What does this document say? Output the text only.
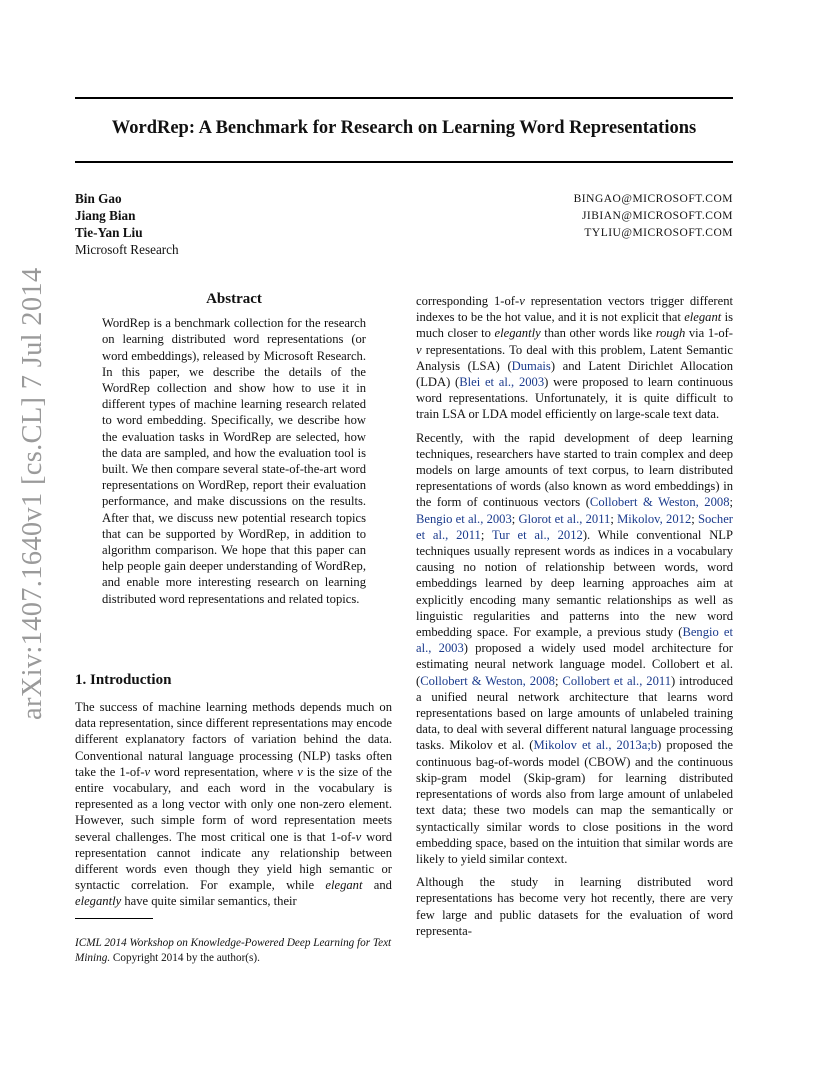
WordRep: A Benchmark for Research on Learning Word Representations
Bin Gao
Jiang Bian
Tie-Yan Liu
Microsoft Research
BINGAO@MICROSOFT.COM
JIBIAN@MICROSOFT.COM
TYLIU@MICROSOFT.COM
arXiv:1407.1640v1 [cs.CL] 7 Jul 2014	Abstract

WordRep is a benchmark collection for the research on learning distributed word representations (or word embeddings), released by Microsoft Research. In this paper, we describe the details of the WordRep collection and show how to use it in different types of machine learning research related to word embedding. Specifically, we describe how the evaluation tasks in WordRep are selected, how the data are sampled, and how the evaluation tool is built. We then compare several state-of-the-art word representations on WordRep, report their evaluation performance, and make discussions on the results. After that, we discuss new potential research topics that can be supported by WordRep, in addition to algorithm comparison. We hope that this paper can help people gain deeper understanding of WordRep, and enable more interesting research on learning distributed word representations and related topics.

1. Introduction

The success of machine learning methods depends much on data representation, since different representations may encode different explanatory factors of variation behind the data. Conventional natural language processing (NLP) tasks often take the 1-of-v word representation, where v is the size of the entire vocabulary, and each word in the vocabulary is represented as a long vector with only one non-zero element. However, such simple form of word representation meets several challenges. The most critical one is that 1-of-v word representation cannot indicate any relationship between different words even though they yield high semantic or syntactic correlation. For example, while elegant and elegantly have quite similar semantics, their

ICML 2014 Workshop on Knowledge-Powered Deep Learning for Text Mining. Copyright 2014 by the author(s).

corresponding 1-of-v representation vectors trigger different indexes to be the hot value, and it is not explicit that elegant is much closer to elegantly than other words like rough via 1-of-v representations. To deal with this problem, Latent Semantic Analysis (LSA) (Dumais) and Latent Dirichlet Allocation (LDA) (Blei et al., 2003) were proposed to learn continuous word representations. Unfortunately, it is quite difficult to train LSA or LDA model efficiently on large-scale text data.

Recently, with the rapid development of deep learning techniques, researchers have started to train complex and deep models on large amounts of text corpus, to learn distributed representations of words (also known as word embeddings) in the form of continuous vectors (Collobert & Weston, 2008; Bengio et al., 2003; Glorot et al., 2011; Mikolov, 2012; Socher et al., 2011; Tur et al., 2012). While conventional NLP techniques usually represent words as indices in a vocabulary causing no notion of relationship between words, word embeddings learned by deep learning approaches aim at explicitly encoding many semantic relationships as well as linguistic regularities and patterns into the new word embedding space. For example, a previous study (Bengio et al., 2003) proposed a widely used model architecture for estimating neural network language model. Collobert et al. (Collobert & Weston, 2008; Collobert et al., 2011) introduced a unified neural network architecture that learns word representations based on large amounts of unlabeled training data, to deal with several different natural language processing tasks. Mikolov et al. (Mikolov et al., 2013a;b) proposed the continuous bag-of-words model (CBOW) and the continuous skip-gram model (Skip-gram) for learning distributed representations of words also from large amount of unlabeled text data; these two models can map the semantically or syntactically similar words to close positions in the word embedding space, based on the intuition that similar words are likely to yield similar context.

Although the study in learning distributed word representations has become very hot recently, there are very few large and public datasets for the evaluation of word representa-
